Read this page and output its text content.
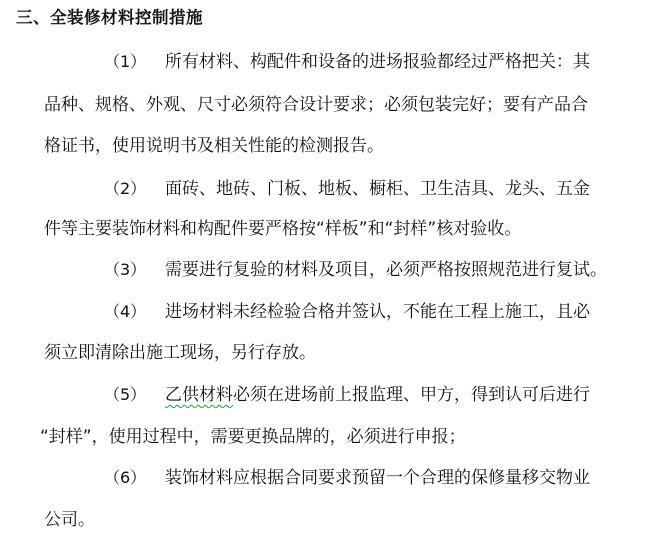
三、全装修材料控制措施
（1） 所有材料、构配件和设备的进场报验都经过严格把关：其
品种、规格、外观、尺寸必须符合设计要求；必须包装完好；要有产品合
格证书，使用说明书及相关性能的检测报告。
（2） 面砖、地砖、门板、地板、橱柜、卫生洁具、龙头、五金
件等主要装饰材料和构配件要严格按“样板”和“封样”核对验收。
（3） 需要进行复验的材料及项目，必须严格按照规范进行复试。
（4） 进场材料未经检验合格并签认，不能在工程上施工，且必
须立即清除出施工现场，另行存放。
（5） 乙供材料必须在进场前上报监理、甲方，得到认可后进行
“封样”，使用过程中，需要更换品牌的，必须进行申报；
（6） 装饰材料应根据合同要求预留一个合理的保修量移交物业
公司。
